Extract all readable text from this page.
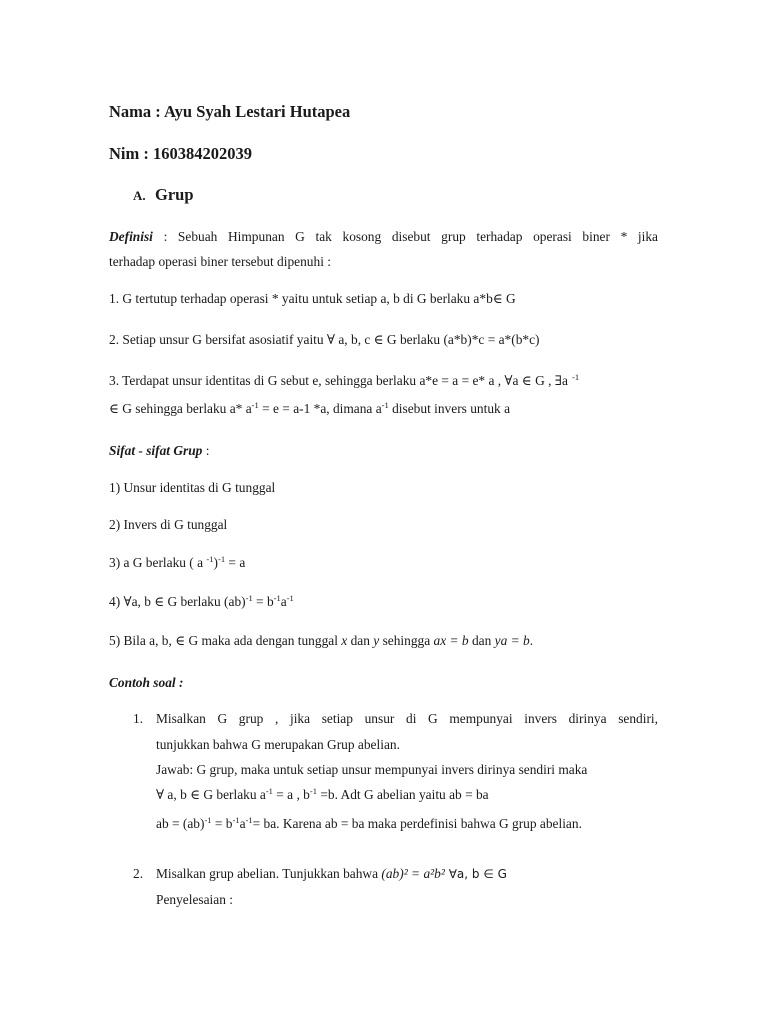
Nama : Ayu Syah Lestari Hutapea
Nim : 160384202039
A. Grup
Definisi : Sebuah Himpunan G tak kosong disebut grup terhadap operasi biner * jika
terhadap operasi biner tersebut dipenuhi :
1. G tertutup terhadap operasi * yaitu untuk setiap a, b di G berlaku a*b∈ G
2. Setiap unsur G bersifat asosiatif yaitu ∀ a, b, c ∈ G berlaku (a*b)*c = a*(b*c)
3. Terdapat unsur identitas di G sebut e, sehingga berlaku a*e = a = e* a , ∀a ∈ G , ∃a $^{-1}$
∈ G sehingga berlaku a* $a^{-1} = e = a-1$ *a, dimana $a^{-1}$ disebut invers untuk a
Sifat - sifat Grup :
1) Unsur identitas di G tunggal
2) Invers di G tunggal
3) a G berlaku ( a $^{-1}$)$^{-1}$ = a
4) ∀a, b ∈ G berlaku $(ab)^{-1} = b^{-1}a^{-1}$
5) Bila a, b, ∈ G maka ada dengan tunggal x dan y sehingga ax = b dan ya = b.
Contoh soal :
1. Misalkan G grup , jika setiap unsur di G mempunyai invers dirinya sendiri,
tunjukkan bahwa G merupakan Grup abelian.
Jawab: G grup, maka untuk setiap unsur mempunyai invers dirinya sendiri maka
∀ a, b ∈ G berlaku $a^{-1} = a$ , $b^{-1} =b$. Adt G abelian yaitu ab = ba
ab = $(ab)^{-1} = b^{-1}a^{-1}=$ ba. Karena ab = ba maka perdefinisi bahwa G grup abelian.
2. Misalkan grup abelian. Tunjukkan bahwa (ab)² = a²b² ∀a, b ∈ G
Penyelesaian :
